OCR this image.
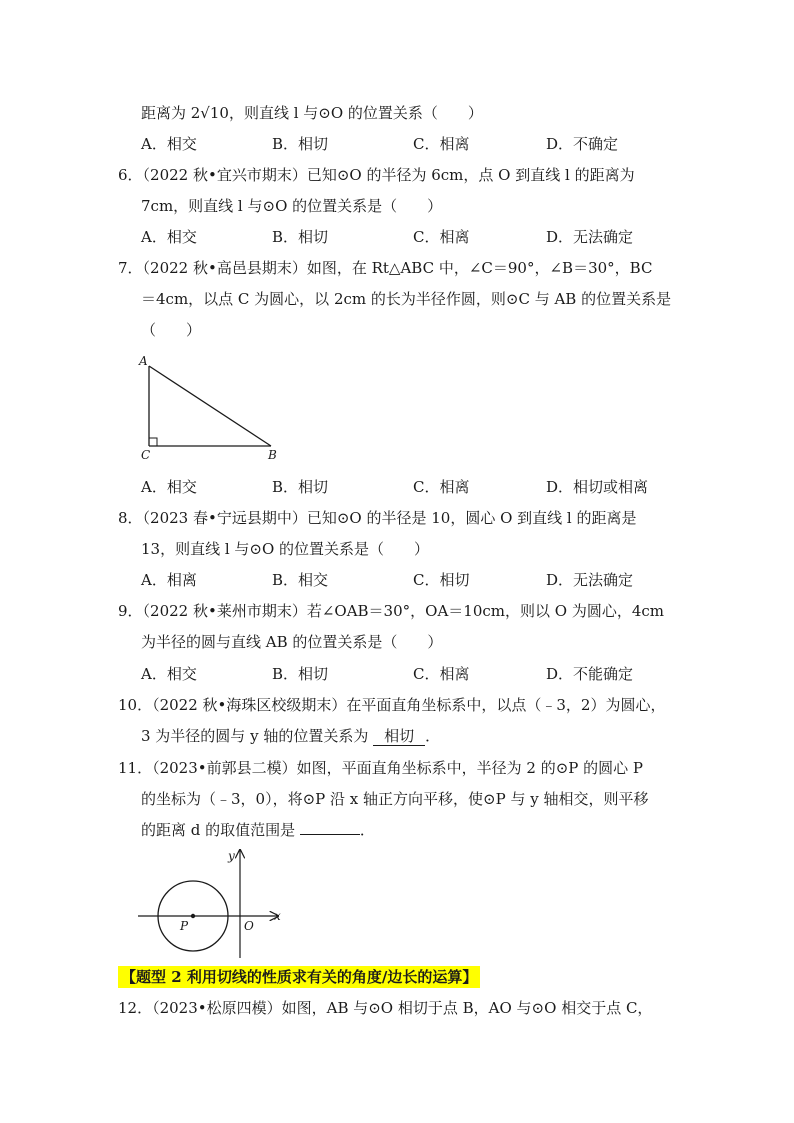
距离为 2√10，则直线 l 与⊙O 的位置关系（　　）
A．相交	B．相切	C．相离	D．不确定
6．（2022 秋•宜兴市期末）已知⊙O 的半径为 6cm，点 O 到直线 l 的距离为
7cm，则直线 l 与⊙O 的位置关系是（　　）
A．相交	B．相切	C．相离	D．无法确定
7．（2022 秋•高邑县期末）如图，在 Rt△ABC 中，∠C＝90°，∠B＝30°，BC
＝4cm，以点 C 为圆心，以 2cm 的长为半径作圆，则⊙C 与 AB 的位置关系是
（　　）
A
C	B
A．相交	B．相切	C．相离	D．相切或相离
8．（2023 春•宁远县期中）已知⊙O 的半径是 10，圆心 O 到直线 l 的距离是
13，则直线 l 与⊙O 的位置关系是（　　）
A．相离	B．相交	C．相切	D．无法确定
9．（2022 秋•莱州市期末）若∠OAB＝30°，OA＝10cm，则以 O 为圆心，4cm
为半径的圆与直线 AB 的位置关系是（　　）
A．相交	B．相切	C．相离	D．不能确定
10．（2022 秋•海珠区校级期末）在平面直角坐标系中，以点（﹣3，2）为圆心，
3 为半径的圆与 y 轴的位置关系为 相切 ．
11．（2023•前郭县二模）如图，平面直角坐标系中，半径为 2 的⊙P 的圆心 P
的坐标为（﹣3，0），将⊙P 沿 x 轴正方向平移，使⊙P 与 y 轴相交，则平移
的距离 d 的取值范围是	．
y
x
P	O
【题型 2 利用切线的性质求有关的角度/边长的运算】
12．（2023•松原四模）如图，AB 与⊙O 相切于点 B，AO 与⊙O 相交于点 C，
